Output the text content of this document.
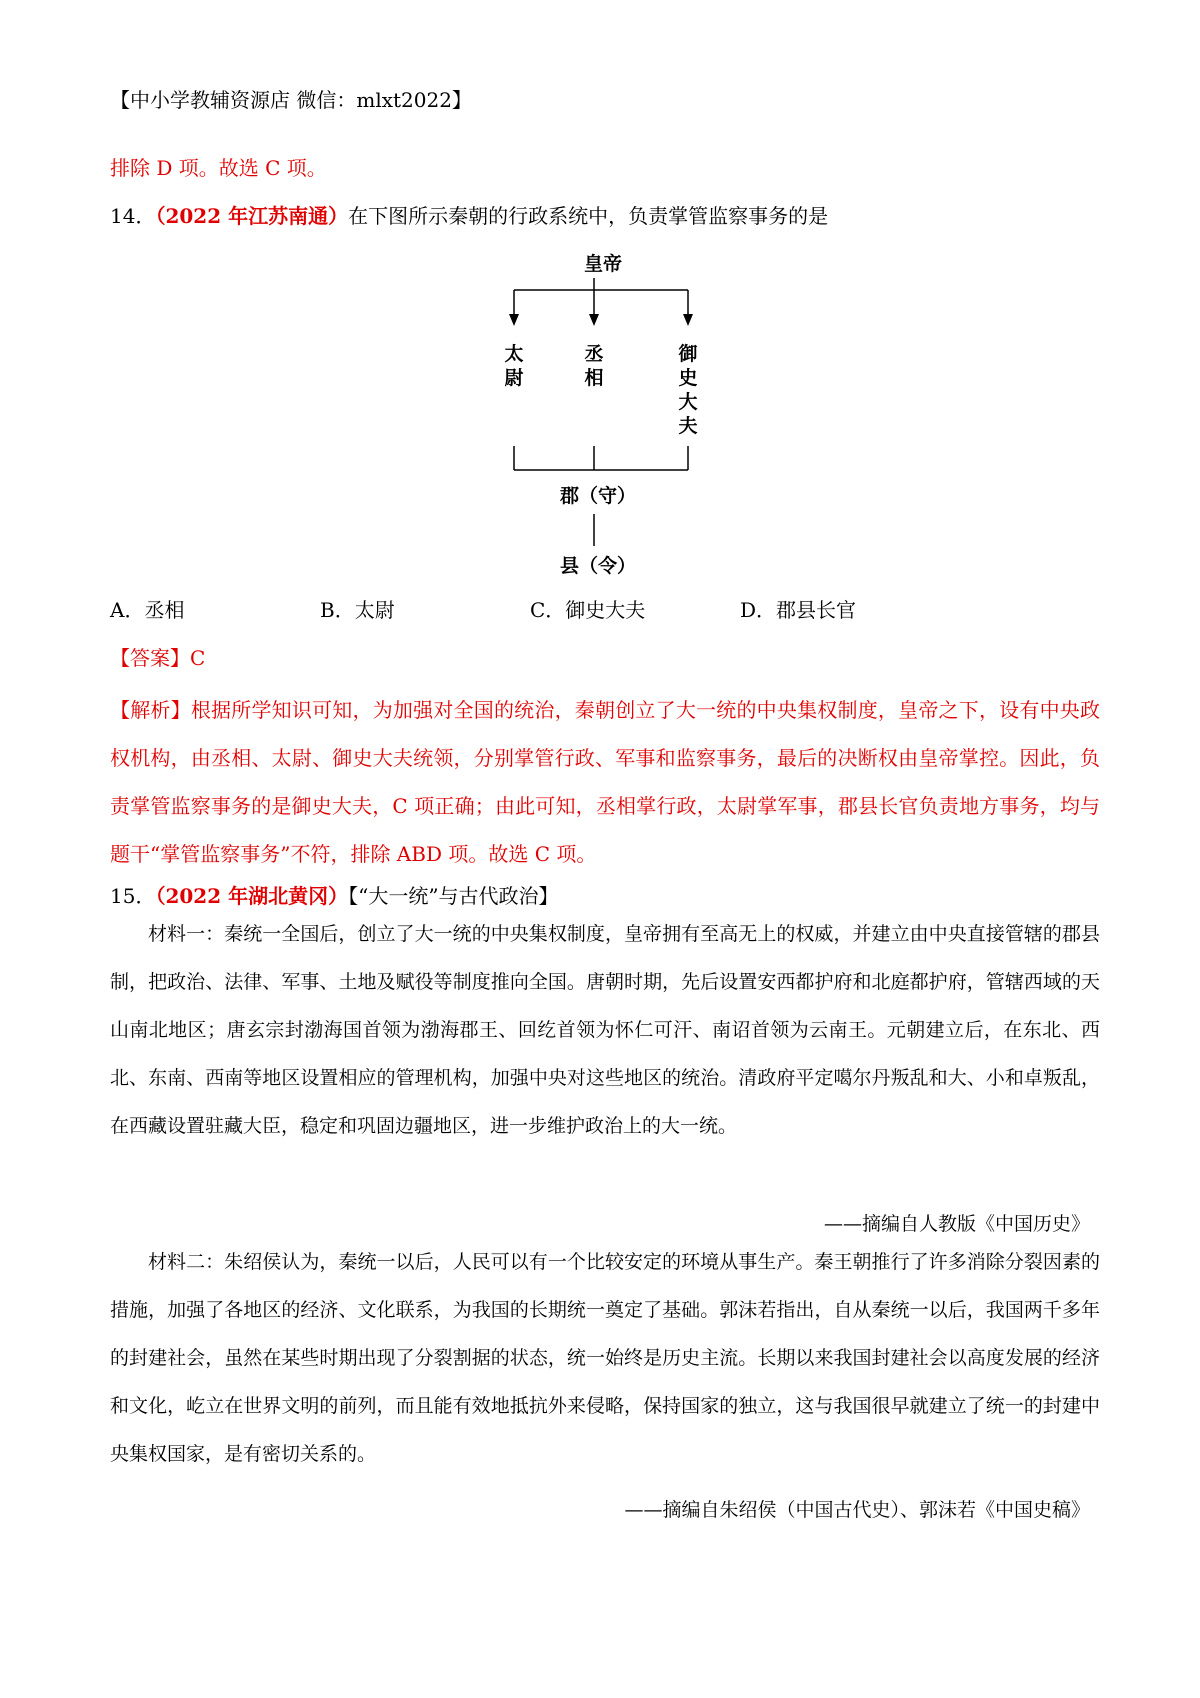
【中小学教辅资源店 微信：mlxt2022】
排除 D 项。故选 C 项。
14．（2022 年江苏南通）在下图所示秦朝的行政系统中，负责掌管监察事务的是
皇帝
太
尉
丞
相
御
史
大
夫
郡（守）
县（令）
A．丞相	B．太尉	C．御史大夫	D．郡县长官
【答案】C
【解析】根据所学知识可知，为加强对全国的统治，秦朝创立了大一统的中央集权制度，皇帝之下，设有中央政权机构，由丞相、太尉、御史大夫统领，分别掌管行政、军事和监察事务，最后的决断权由皇帝掌控。因此，负责掌管监察事务的是御史大夫，C 项正确；由此可知，丞相掌行政，太尉掌军事，郡县长官负责地方事务，均与题干“掌管监察事务”不符，排除 ABD 项。故选 C 项。
15．（2022 年湖北黄冈）【“大一统”与古代政治】
材料一：秦统一全国后，创立了大一统的中央集权制度，皇帝拥有至高无上的权威，并建立由中央直接管辖的郡县制，把政治、法律、军事、土地及赋役等制度推向全国。唐朝时期，先后设置安西都护府和北庭都护府，管辖西域的天山南北地区；唐玄宗封渤海国首领为渤海郡王、回纥首领为怀仁可汗、南诏首领为云南王。元朝建立后，在东北、西北、东南、西南等地区设置相应的管理机构，加强中央对这些地区的统治。清政府平定噶尔丹叛乱和大、小和卓叛乱，在西藏设置驻藏大臣，稳定和巩固边疆地区，进一步维护政治上的大一统。
——摘编自人教版《中国历史》
材料二：朱绍侯认为，秦统一以后，人民可以有一个比较安定的环境从事生产。秦王朝推行了许多消除分裂因素的措施，加强了各地区的经济、文化联系，为我国的长期统一奠定了基础。郭沫若指出，自从秦统一以后，我国两千多年的封建社会，虽然在某些时期出现了分裂割据的状态，统一始终是历史主流。长期以来我国封建社会以高度发展的经济和文化，屹立在世界文明的前列，而且能有效地抵抗外来侵略，保持国家的独立，这与我国很早就建立了统一的封建中央集权国家，是有密切关系的。
——摘编自朱绍侯（中国古代史）、郭沫若《中国史稿》
